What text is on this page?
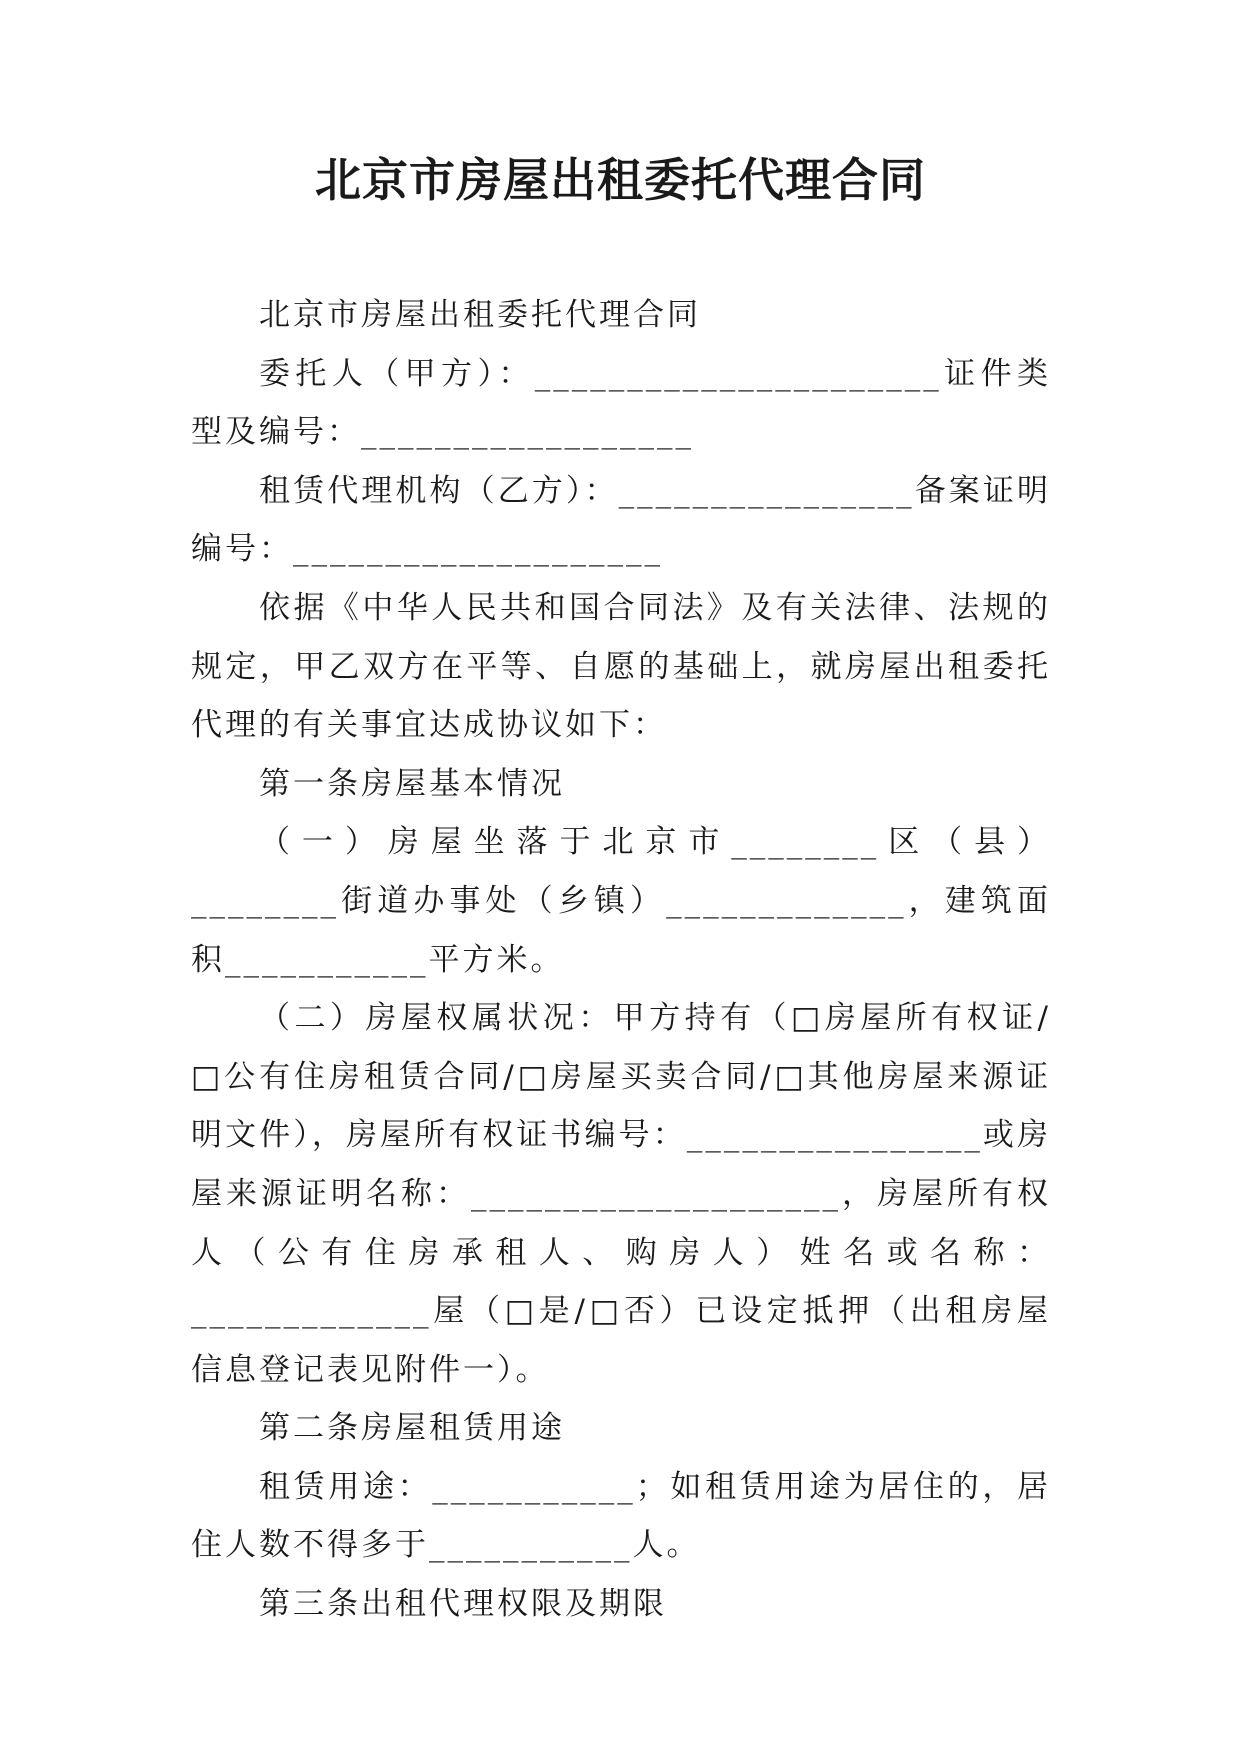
北京市房屋出租委托代理合同

北京市房屋出租委托代理合同

委托人（甲方）：______________________证件类型及编号：__________________

租赁代理机构（乙方）：________________备案证明编号：____________________

依据《中华人民共和国合同法》及有关法律、法规的规定，甲乙双方在平等、自愿的基础上，就房屋出租委托代理的有关事宜达成协议如下：

第一条房屋基本情况

（一）房屋坐落于北京市________区（县）________街道办事处（乡镇）_____________，建筑面积___________平方米。

（二）房屋权属状况：甲方持有（□房屋所有权证/□公有住房租赁合同/□房屋买卖合同/□其他房屋来源证明文件），房屋所有权证书编号：________________或房屋来源证明名称：____________________，房屋所有权人（公有住房承租人、购房人）姓名或名称：_____________屋（□是/□否）已设定抵押（出租房屋信息登记表见附件一）。

第二条房屋租赁用途

租赁用途：___________；如租赁用途为居住的，居住人数不得多于___________人。

第三条出租代理权限及期限
